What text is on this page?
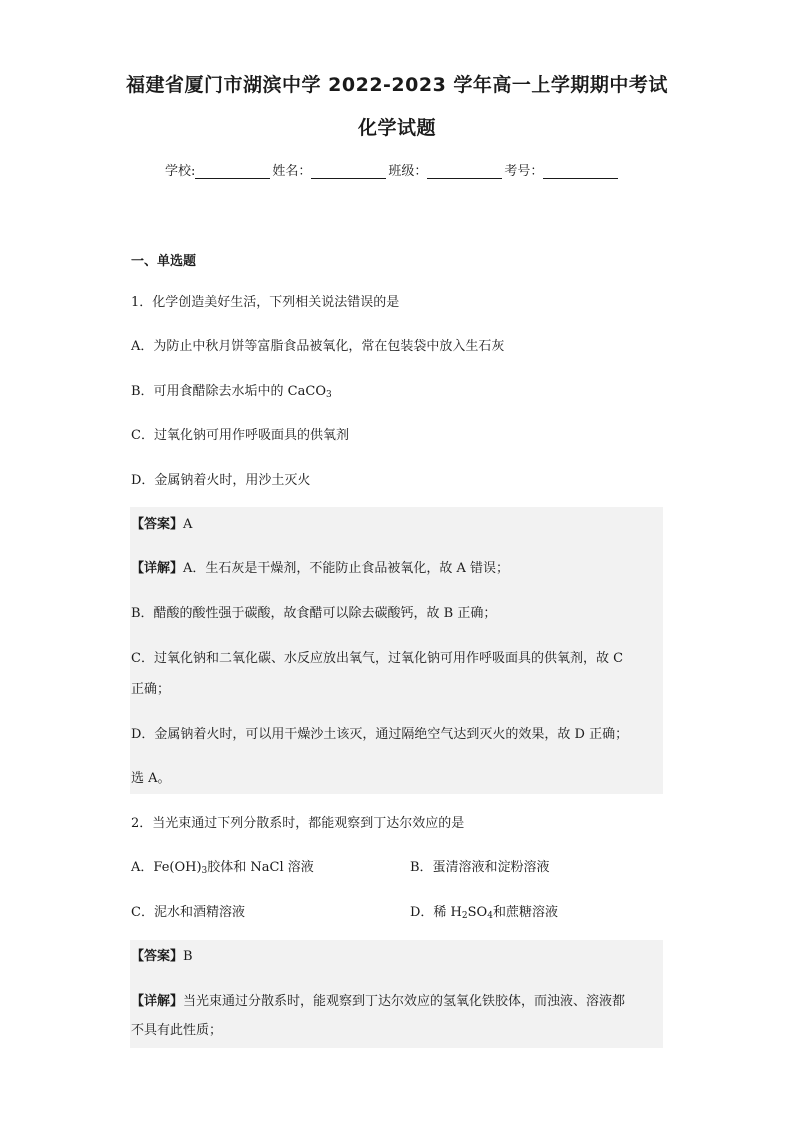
福建省厦门市湖滨中学 2022-2023 学年高一上学期期中考试
化学试题
学校:	姓名：	班级：	考号：
一、单选题
1．化学创造美好生活，下列相关说法错误的是
A．为防止中秋月饼等富脂食品被氧化，常在包装袋中放入生石灰
B．可用食醋除去水垢中的 CaCO$_3$
C．过氧化钠可用作呼吸面具的供氧剂
D．金属钠着火时，用沙土灭火
【答案】A
【详解】A．生石灰是干燥剂，不能防止食品被氧化，故 A 错误；
B．醋酸的酸性强于碳酸，故食醋可以除去碳酸钙，故 B 正确；
C．过氧化钠和二氧化碳、水反应放出氧气，过氧化钠可用作呼吸面具的供氧剂，故 C
正确；
D．金属钠着火时，可以用干燥沙土该灭，通过隔绝空气达到灭火的效果，故 D 正确；
选 A。
2．当光束通过下列分散系时，都能观察到丁达尔效应的是
A．$Fe(OH)_3$胶体和 NaCl 溶液	B．蛋清溶液和淀粉溶液
C．泥水和酒精溶液	D．稀 $H_2SO_4$和蔗糖溶液
【答案】B
【详解】当光束通过分散系时，能观察到丁达尔效应的氢氧化铁胶体，而浊液、溶液都
不具有此性质；
